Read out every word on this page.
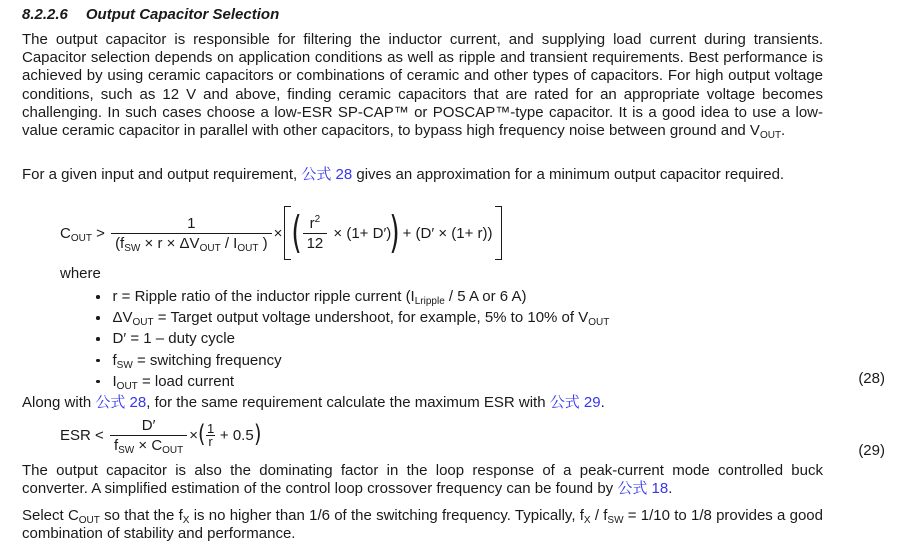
8.2.2.6 Output Capacitor Selection

The output capacitor is responsible for filtering the inductor current, and supplying load current during transients. Capacitor selection depends on application conditions as well as ripple and transient requirements. Best performance is achieved by using ceramic capacitors or combinations of ceramic and other types of capacitors. For high output voltage conditions, such as 12 V and above, finding ceramic capacitors that are rated for an appropriate voltage becomes challenging. In such cases choose a low-ESR SP-CAP™ or POSCAP™-type capacitor. It is a good idea to use a low-value ceramic capacitor in parallel with other capacitors, to bypass high frequency noise between ground and $V_{OUT}$.

For a given input and output requirement, 公式 28 gives an approximation for a minimum output capacitor required.

$C_{OUT} > \frac{1}{(f_{SW} \times r \times \Delta V_{OUT} / I_{OUT} )}$ × ( $\frac{r^2}{12} \times (1+ D')$
)
+ (D′ × (1+ r))
where
r = Ripple ratio of the inductor ripple current ($I_{Lripple} / 5$ A or 6 A)
$\Delta V_{OUT}$ = Target output voltage undershoot, for example, 5% to 10% of $V_{OUT}$
D′ = 1 – duty cycle
$f_{SW}$ = switching frequency
$I_{OUT}$ = load current	(28)

Along with 公式 28, for the same requirement calculate the maximum ESR with 公式 29.

ESR < $\frac{D'}{f_{SW} \times C_{OUT}}$ × ( $\frac{1}{r} + 0.5$ )
(29)

The output capacitor is also the dominating factor in the loop response of a peak-current mode controlled buck converter. A simplified estimation of the control loop crossover frequency can be found by 公式 18.

Select $C_{OUT}$ so that the $f_X$ is no higher than 1/6 of the switching frequency. Typically, $f_X / f_{SW} = 1/10$ to 1/8 provides a good combination of stability and performance.
